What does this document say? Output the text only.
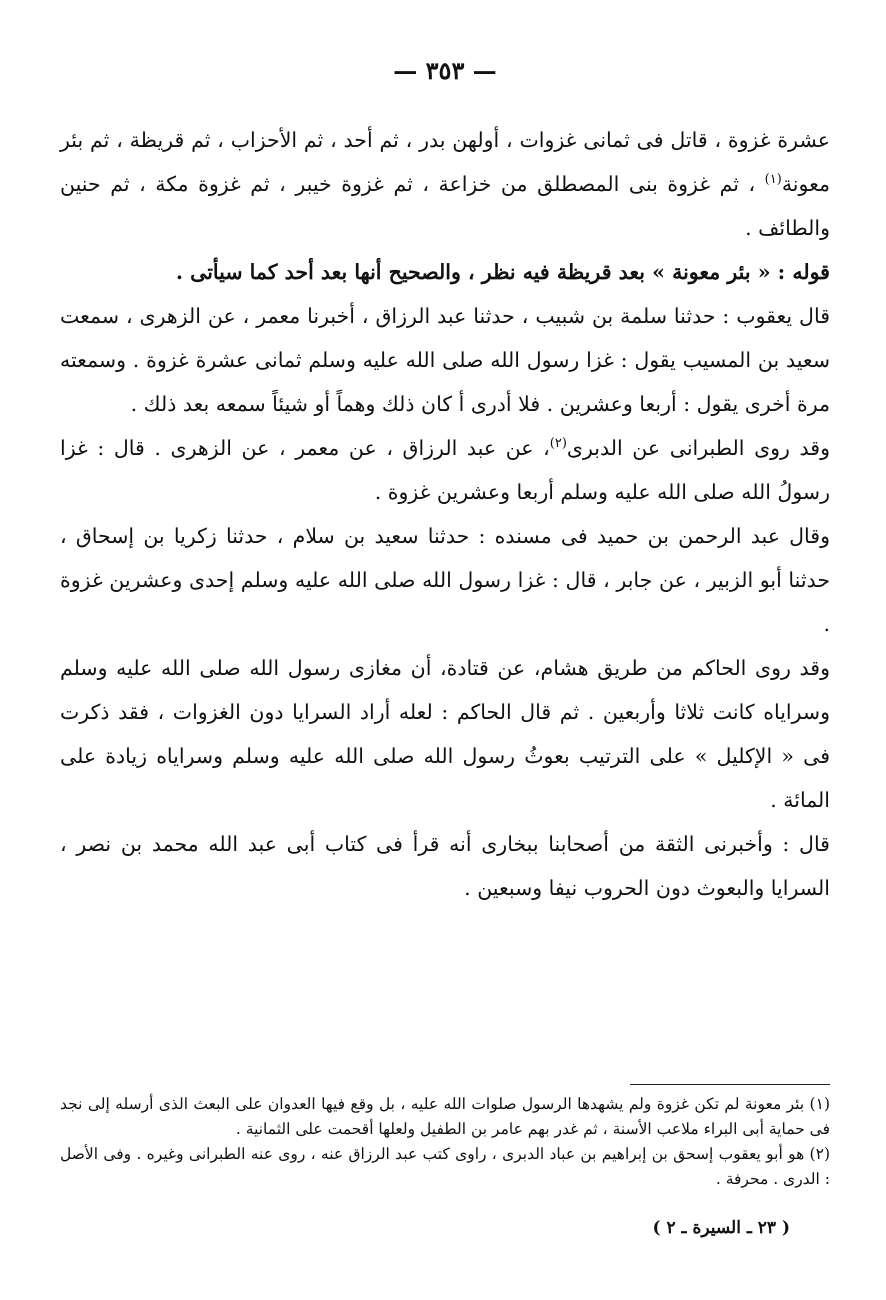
— ٣٥٣ —

عشرة غزوة ، قاتل فى ثمانى غزوات ، أولهن بدر ، ثم أحد ، ثم الأحزاب ، ثم قريظة ، ثم بئر معونة$^{(١)}$ ، ثم غزوة بنى المصطلق من خزاعة ، ثم غزوة خيبر ، ثم غزوة مكة ، ثم حنين والطائف .

قوله : « بئر معونة » بعد قريظة فيه نظر ، والصحيح أنها بعد أحد كما سيأتى .

قال يعقوب : حدثنا سلمة بن شبيب ، حدثنا عبد الرزاق ، أخبرنا معمر ، عن الزهرى ، سمعت سعيد بن المسيب يقول : غزا رسول الله صلى الله عليه وسلم ثمانى عشرة غزوة . وسمعته مرة أخرى يقول : أربعا وعشرين . فلا أدرى أ كان ذلك وهماً أو شيئاً سمعه بعد ذلك .

وقد روى الطبرانى عن الدبرى$^{(٢)}$، عن عبد الرزاق ، عن معمر ، عن الزهرى . قال : غزا رسولُ الله صلى الله عليه وسلم أربعا وعشرين غزوة .

وقال عبد الرحمن بن حميد فى مسنده : حدثنا سعيد بن سلام ، حدثنا زكريا بن إسحاق ، حدثنا أبو الزبير ، عن جابر ، قال : غزا رسول الله صلى الله عليه وسلم إحدى وعشرين غزوة .

وقد روى الحاكم من طريق هشام، عن قتادة، أن مغازى رسول الله صلى الله عليه وسلم وسراياه كانت ثلاثا وأربعين . ثم قال الحاكم : لعله أراد السرايا دون الغزوات ، فقد ذكرت فى « الإكليل » على الترتيب بعوثُ رسول الله صلى الله عليه وسلم وسراياه زيادة على المائة .

قال : وأخبرنى الثقة من أصحابنا ببخارى أنه قرأ فى كتاب أبى عبد الله محمد بن نصر ، السرايا والبعوث دون الحروب نيفا وسبعين .

(١) بئر معونة لم تكن غزوة ولم يشهدها الرسول صلوات الله عليه ، بل وقع فيها العدوان على البعث الذى أرسله إلى نجد فى حماية أبى البراء ملاعب الأسنة ، ثم غدر بهم عامر بن الطفيل ولعلها أقحمت على الثمانية .

(٢) هو أبو يعقوب إسحق بن إبراهيم بن عباد الدبرى ، راوى كتب عبد الرزاق عنه ، روى عنه الطبرانى وغيره . وفى الأصل : الدرى . محرفة .

( ٢٣ ـ السيرة ـ ٢ )
